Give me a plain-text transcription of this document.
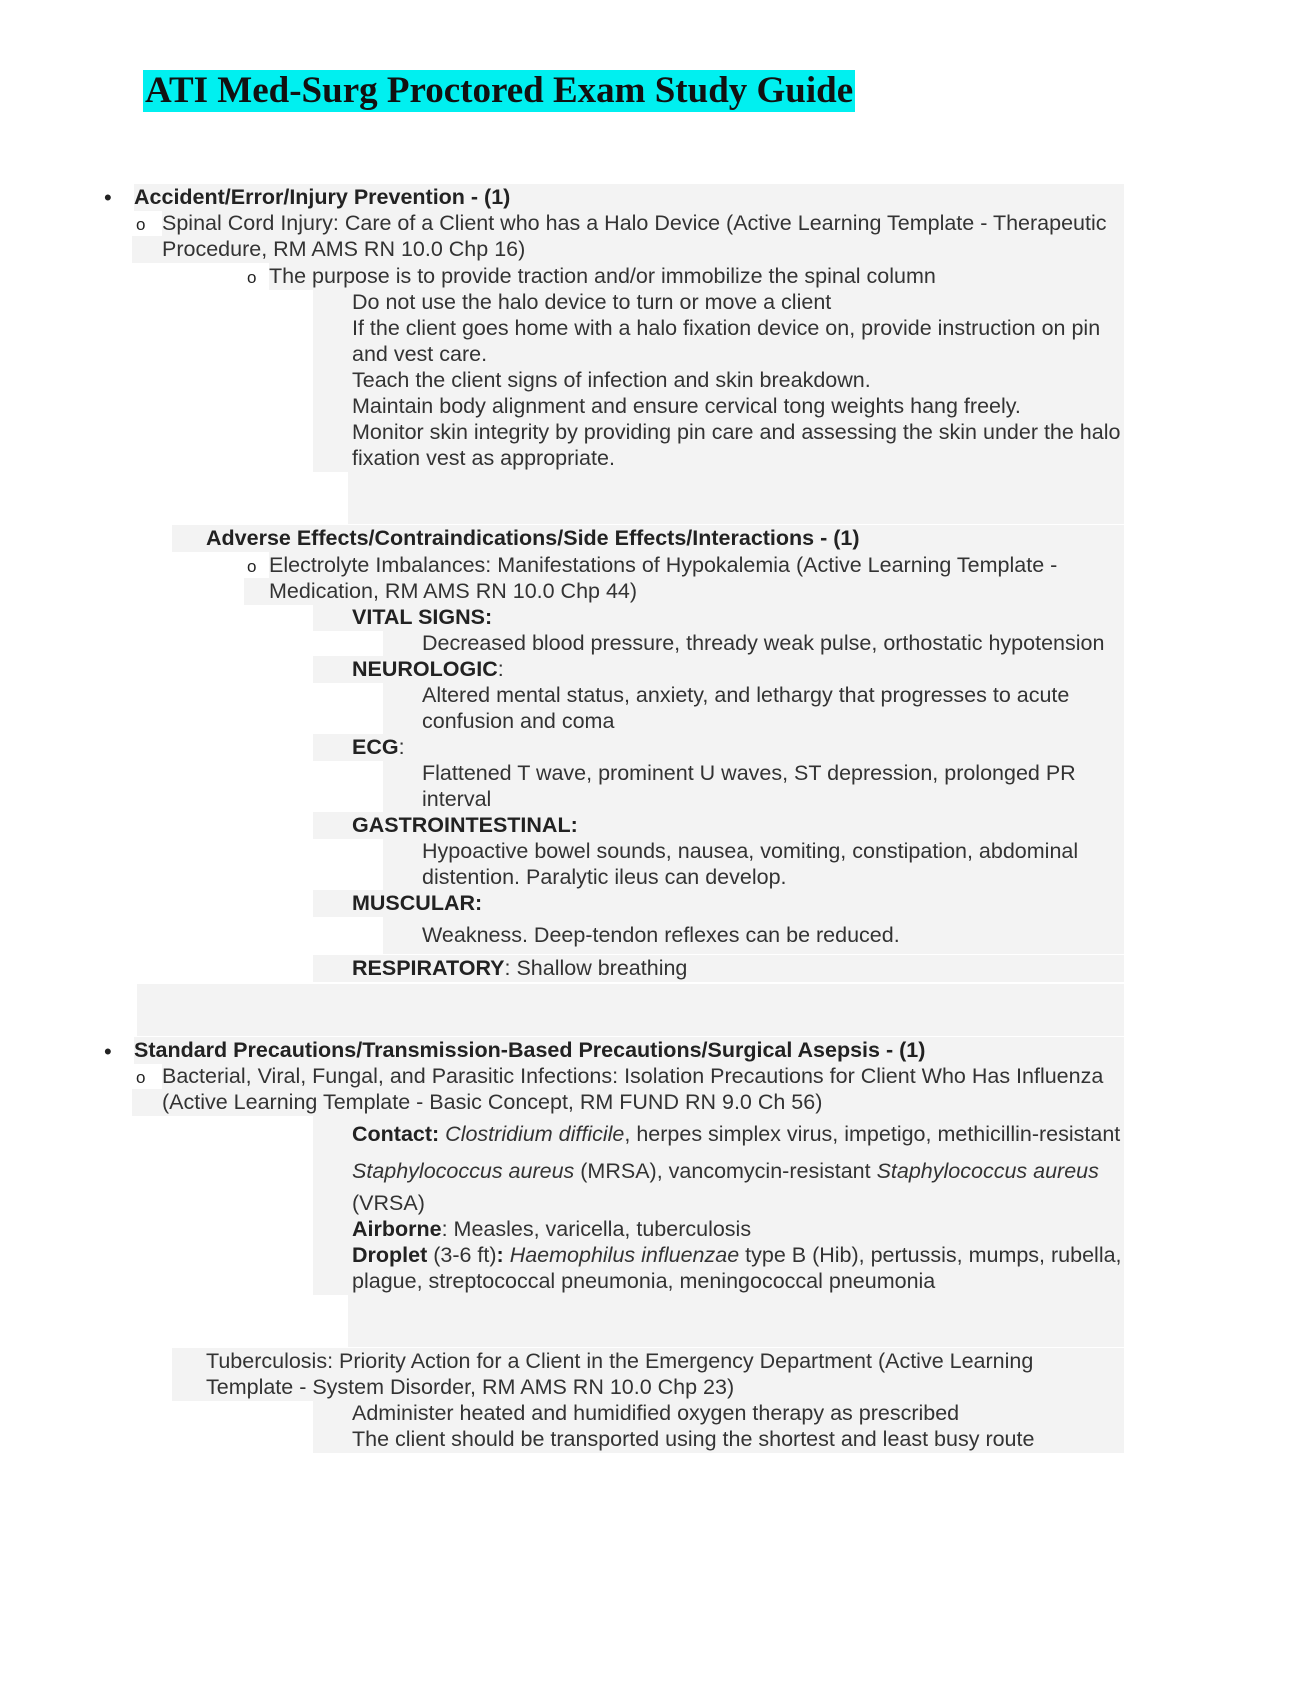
ATI Med-Surg Proctored Exam Study Guide
• Accident/Error/Injury Prevention - (1)
o Spinal Cord Injury: Care of a Client who has a Halo Device (Active Learning Template - Therapeutic
Procedure, RM AMS RN 10.0 Chp 16)
o The purpose is to provide traction and/or immobilize the spinal column
Do not use the halo device to turn or move a client
If the client goes home with a halo fixation device on, provide instruction on pin
and vest care.
Teach the client signs of infection and skin breakdown.
Maintain body alignment and ensure cervical tong weights hang freely.
Monitor skin integrity by providing pin care and assessing the skin under the halo
fixation vest as appropriate.
Adverse Effects/Contraindications/Side Effects/Interactions - (1)
o Electrolyte Imbalances: Manifestations of Hypokalemia (Active Learning Template -
Medication, RM AMS RN 10.0 Chp 44)
VITAL SIGNS:
Decreased blood pressure, thready weak pulse, orthostatic hypotension
NEUROLOGIC:
Altered mental status, anxiety, and lethargy that progresses to acute
confusion and coma
ECG:
Flattened T wave, prominent U waves, ST depression, prolonged PR
interval
GASTROINTESTINAL:
Hypoactive bowel sounds, nausea, vomiting, constipation, abdominal
distention. Paralytic ileus can develop.
MUSCULAR:
Weakness. Deep-tendon reflexes can be reduced.
RESPIRATORY: Shallow breathing
• Standard Precautions/Transmission-Based Precautions/Surgical Asepsis - (1)
o Bacterial, Viral, Fungal, and Parasitic Infections: Isolation Precautions for Client Who Has Influenza
(Active Learning Template - Basic Concept, RM FUND RN 9.0 Ch 56)
Contact: Clostridium difficile, herpes simplex virus, impetigo, methicillin-resistant
Staphylococcus aureus (MRSA), vancomycin-resistant Staphylococcus aureus
(VRSA)
Airborne: Measles, varicella, tuberculosis
Droplet (3-6 ft): Haemophilus influenzae type B (Hib), pertussis, mumps, rubella,
plague, streptococcal pneumonia, meningococcal pneumonia
Tuberculosis: Priority Action for a Client in the Emergency Department (Active Learning
Template - System Disorder, RM AMS RN 10.0 Chp 23)
Administer heated and humidified oxygen therapy as prescribed
The client should be transported using the shortest and least busy route
